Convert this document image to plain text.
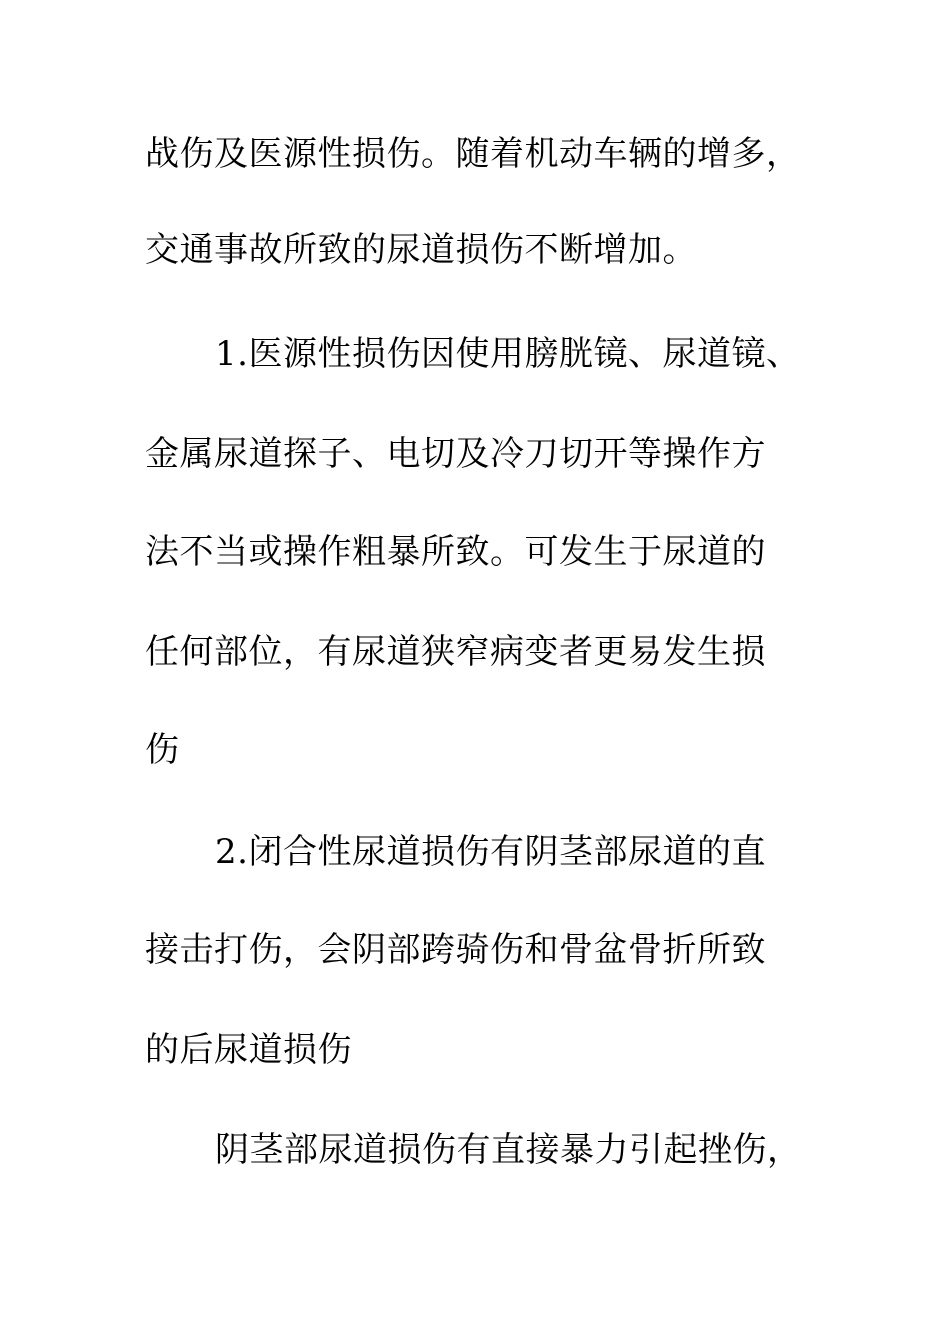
战伤及医源性损伤。随着机动车辆的增多，
交通事故所致的尿道损伤不断增加。
1.医源性损伤因使用膀胱镜、尿道镜、
金属尿道探子、电切及冷刀切开等操作方
法不当或操作粗暴所致。可发生于尿道的
任何部位，有尿道狭窄病变者更易发生损
伤
2.闭合性尿道损伤有阴茎部尿道的直
接击打伤，会阴部跨骑伤和骨盆骨折所致
的后尿道损伤
阴茎部尿道损伤有直接暴力引起挫伤，
